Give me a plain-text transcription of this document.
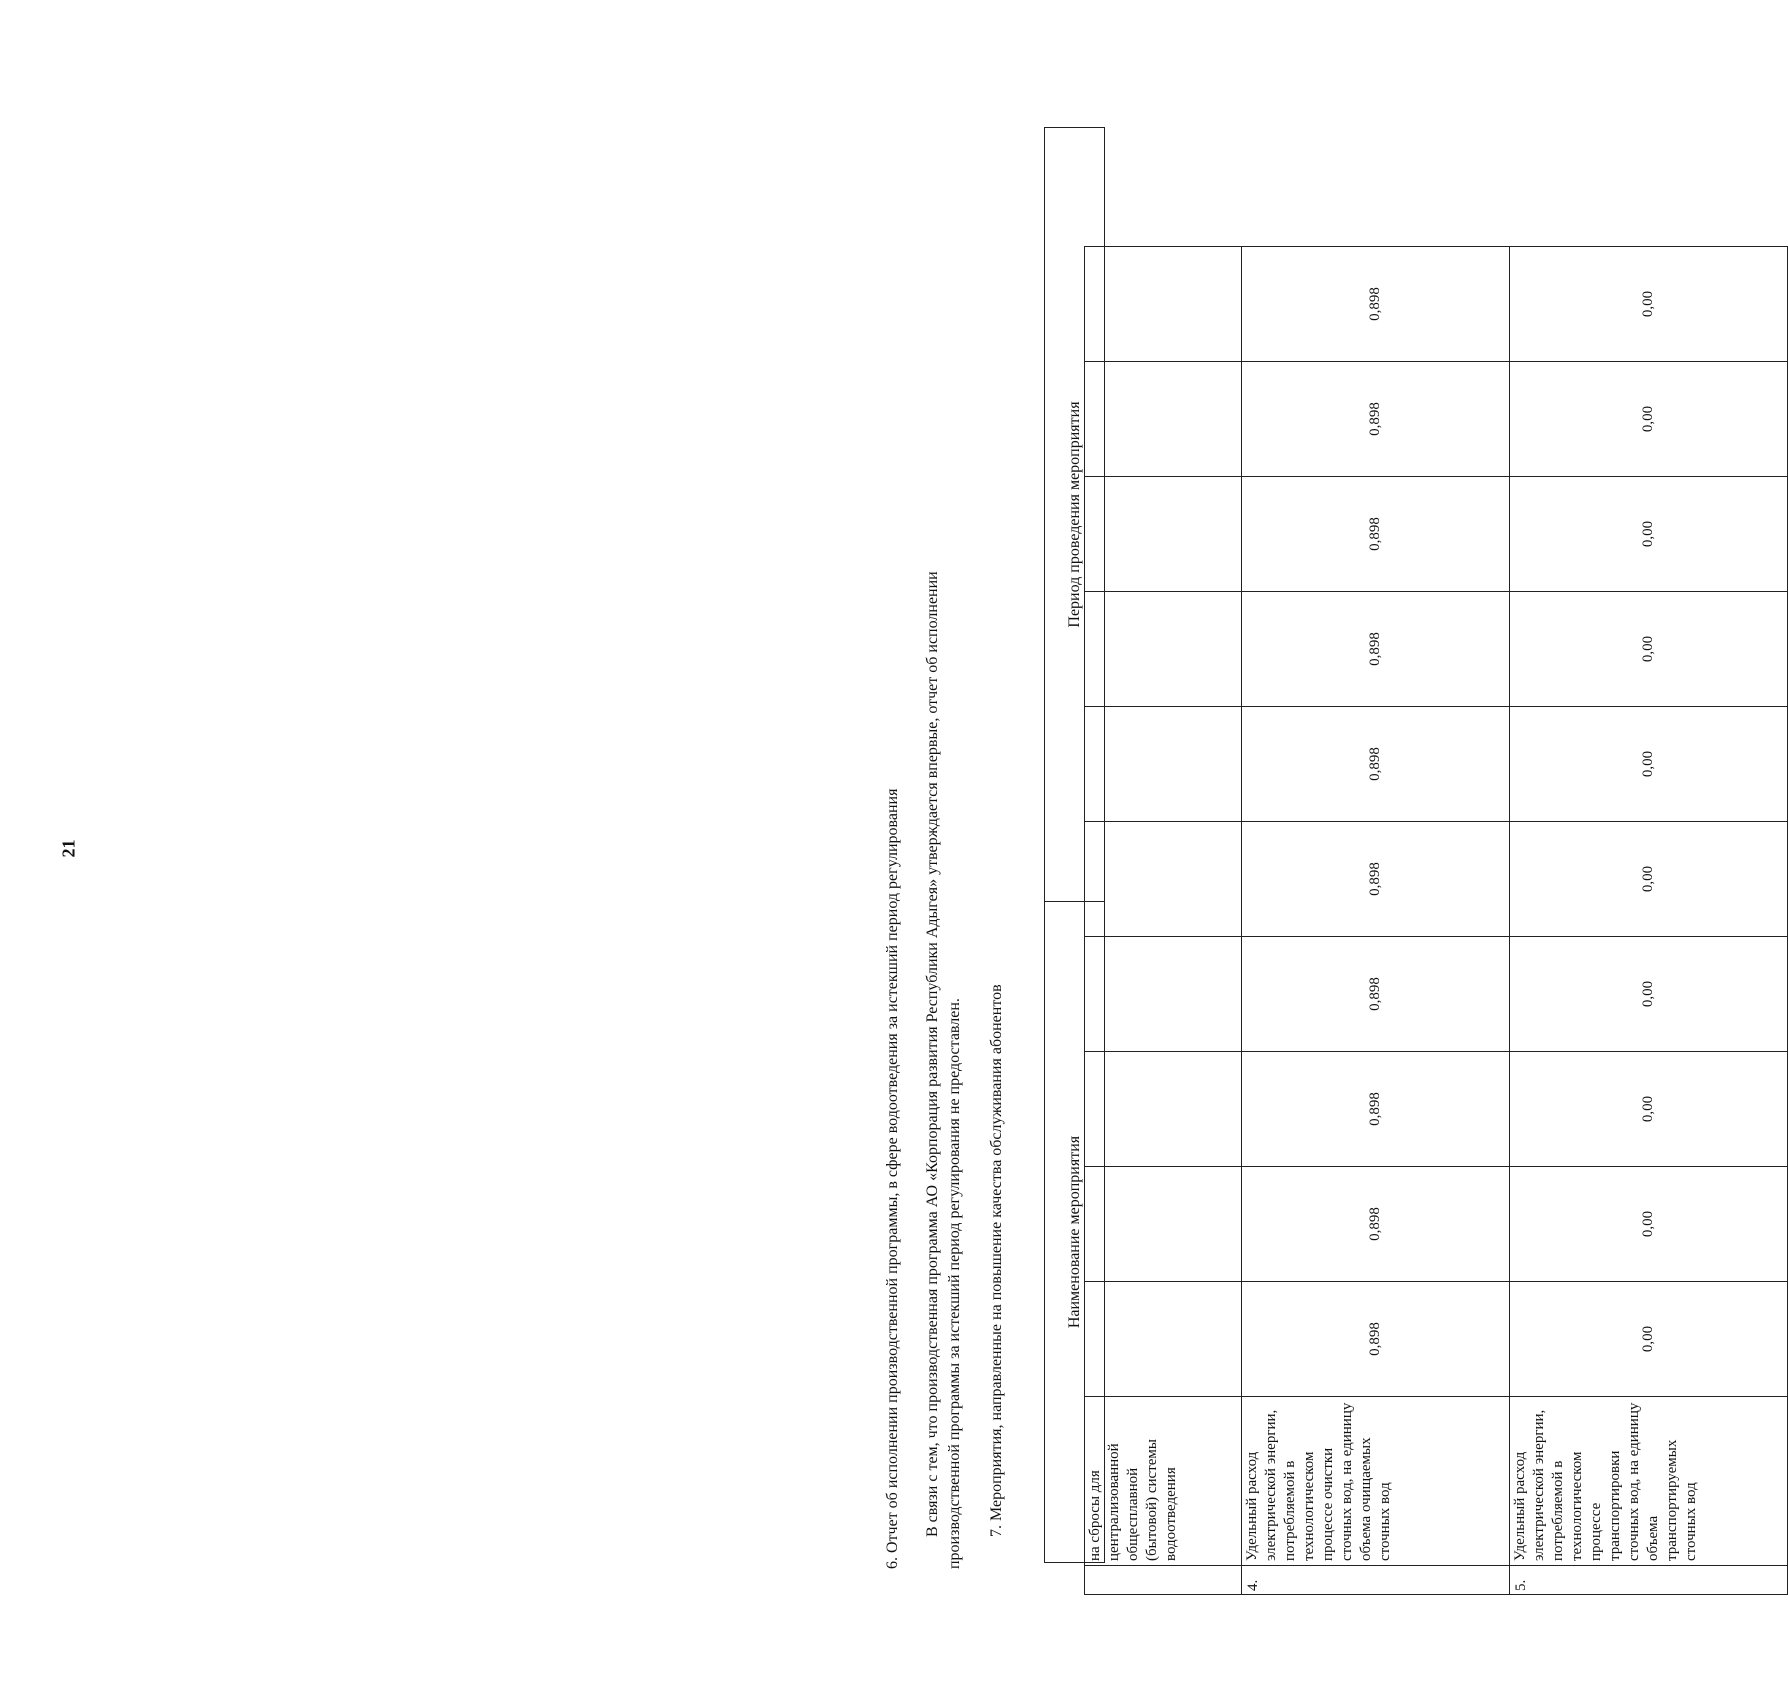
21
	на сбросы для централизованной общесплавной (бытовой) системы водоотведения										
4.	Удельный расход электрической энергии, потребляемой в технологическом процессе очистки сточных вод, на единицу объема очищаемых сточных вод	0,898	0,898	0,898	0,898	0,898	0,898	0,898	0,898	0,898	0,898
5.	Удельный расход электрической энергии, потребляемой в технологическом процессе транспортировки сточных вод, на единицу объема транспортируемых сточных вод	0,00	0,00	0,00	0,00	0,00	0,00	0,00	0,00	0,00	0,00
6. Отчет об исполнении производственной программы, в сфере водоотведения за истекший период регулирования В связи с тем, что производственная программа АО «Корпорация развития Республики Адыгея» утверждается впервые, отчет об исполнении производственной программы за истекший период регулирования не предоставлен. 7. Мероприятия, направленные на повышение качества обслуживания абонентов	Наименование мероприятия
Период проведения мероприятия
